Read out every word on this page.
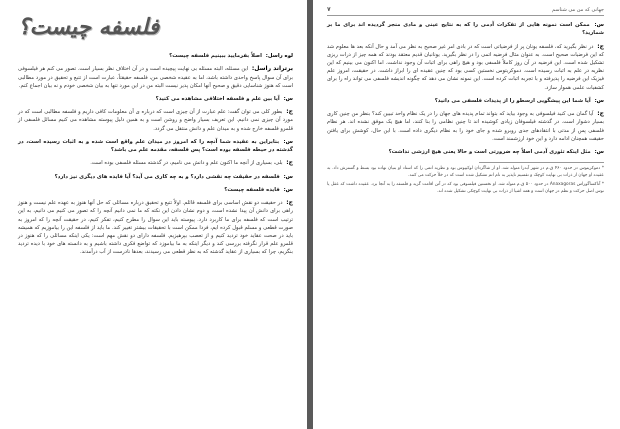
فلسفه چیست؟
لوه راسل: اصلاً بفرمایید ببینیم فلسفه چیست؟
برتراند راسل: این مسئله، البته مسئله بی نهایت پیچیده است و در آن اختلاف نظر بسیار است. تصور می کنم هر فیلسوفی برای آن سوال پاسخ واحدی داشته باشد، اما به عقیده شخصی من، فلسفه حقیقتاً، عبارت است از تتبع و تحقیق در مورد مطالبی است که هنوز شناسایی دقیق و صحیح آنها امکان پذیر نیست البته من در این مورد تنها به بیان شخصی خودم و نه بیان اجماع کنم.
س: آیا بین علم و فلسفه اختلافی مشاهده می کنید؟
ج: بطور کلی می توان گفت: علم عبارت از آن چیزی است که درباره ی آن معلومات کافی داریم و فلسفه مطالبی است که در مورد آن چیزی نمی دانیم. این تعریف بسیار واضح و روشن است و به همین دلیل پیوسته مشاهده می کنیم مسائل فلسفی از قلمرو فلسفه خارج شده و به میدان علم و دانش منتقل می گردد.
س: بنابراین به عقیده شما آنچه را که امروز در میدان علم واقع است شده و به اثبات رسیده است، در گذشته در حیطه فلسفه بوده است؟ پس فلسفه، مقدمه علم می باشد؟
ج: بلی، بسیاری از آنچه ما اکنون علم و دانش می نامیم، در گذشته مسئله فلسفی بوده است.
س: فلسفه در حقیقت چه نقشی دارد؟ و به چه کاری می آید؟ آیا فایده های دیگری نیز دارد؟
س: فایده فلسفه چیست؟
ج: در حقیقت دو نقش اساسی برای فلسفه قائلم. اولاً تتبع و تحقیق درباره مسائلی که حل آنها هنوز به عهده علم نیست و هنوز راهی برای دانش آن پیدا نشده است، و دوم نشان دادن این نکته که ما نمی دانیم آنچه را که تصور می کنیم می دانیم، به این ترتیب است که فلسفه برای ما کاربرد دارد. پیوسته باید این سوال را مطرح کنیم، تفکر کنیم، در حقیقت آنچه را که امروز به صورت قطعی و مسلم قبول کرده ایم، فردا ممکن است با تحقیقات بیشتر تغییر کند. ما باید از فلسفه این را بیاموزیم که همیشه باید در صحت عقاید خود تردید کنیم و از تعصب بپرهیزیم. فلسفه دارای دو نقش مهم است: یکی اینکه مسائلی را که هنوز در قلمرو علم قرار نگرفته بررسی کند و دیگر اینکه به ما بیاموزد که تواضع فکری داشته باشیم و به دانسته های خود با دیده تردید بنگریم، چرا که بسیاری از عقاید گذشته که به نظر قطعی می رسیدند، بعدها نادرست از آب درآمدند.
جهانی که من می شناسم
۷
س: ممکن است نمونه هایی از تفکرات آدمی را که به نتایج عینی و مادی منجر گردیده اند برای ما بر شمارید؟
ج: در نظر بگیرید که، فلسفه یونان پر از فرضیاتی است که در بادی امر غیر صحیح به نظر می آمد و حال آنکه بعد ها معلوم شد که این فرضیات صحیح است. به عنوان مثال فرضیه اتمی را در نظر بگیرید. یونانیان قدیم معتقد بودند که همه چیز از ذرات ریزی تشکیل شده است. این فرضیه در آن روز کاملاً فلسفی بود و هیچ راهی برای اثبات آن وجود نداشت. اما اکنون می بینیم که این نظریه در علم به اثبات رسیده است. دموکریتوس نخستین کسی بود که چنین عقیده ای را ابراز داشت. در حقیقت، امروز علم فیزیک این فرضیه را پذیرفته و با تجربه اثبات کرده است. این نمونه نشان می دهد که چگونه اندیشه فلسفی می تواند راه را برای کشفیات علمی هموار سازد.
س: آیا شما این پیشگویی ارسطو را از پدیدات فلسفی می دانید؟
ج: آیا گمان می کنید فیلسوفی به وجود بیاید که بتواند تمام پدیده های جهان را در یک نظام واحد تبیین کند؟ بنظر من چنین کاری بسیار دشوار است. در گذشته فیلسوفان زیادی کوشیده اند تا چنین نظامی را بنا کنند، اما هیچ یک موفق نشده اند. هر نظام فلسفی پس از مدتی با انتقادهای جدی روبرو شده و جای خود را به نظام دیگری داده است. با این حال، کوشش برای یافتن حقیقت همچنان ادامه دارد و این خود ارزشمند است.
س: مثل اینکه تئوری آدمی اصلاً چه ضرورتی است و حالا یعنی هیچ ارزشی نداشت؟
* دموکریتوس در حدود ۴۶۰ ق.م در شهر آبدرا متولد شد. او از شاگردان لوکیپوس بود و نظریه اتمی را که استاد او بنیان نهاده بود بسط و گسترش داد. به عقیده او جهان از ذرات بی نهایت کوچک و تقسیم ناپذیر به نام اتم تشکیل شده است که در خلأ حرکت می کنند.
* آناکساگوراس Anaxagoras در حدود ۵۰۰ ق.م متولد شد. او نخستین فیلسوفی بود که در آتن اقامت گزید و فلسفه را به آنجا برد. عقیده داشت که عقل یا نوس اصل حرکت و نظم در جهان است و همه اشیا از ذرات بی نهایت کوچکی تشکیل شده اند.
